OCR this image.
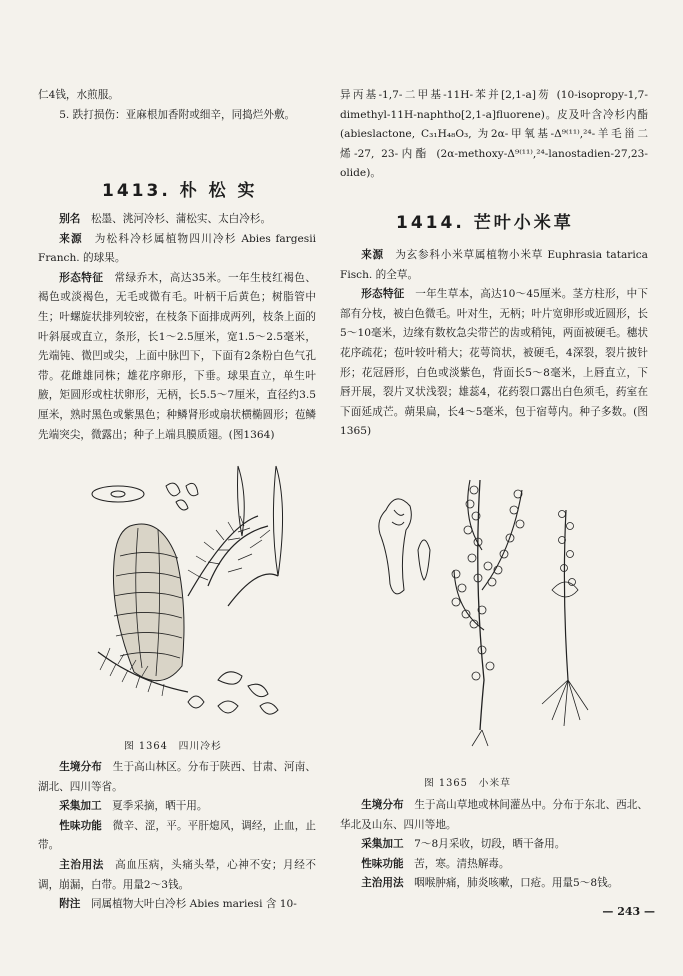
仁4钱，水煎服。

5. 跌打损伤：亚麻根加香附或细辛，同捣烂外敷。

1413. 朴 松 实

别名　 松墨、洮河冷杉、蒲松实、太白冷杉。

来源　 为松科冷杉属植物四川冷杉 Abies fargesii Franch. 的球果。

形态特征　 常绿乔木，高达35米。一年生枝红褐色、褐色或淡褐色，无毛或微有毛。叶柄干后黄色；树脂管中生；叶螺旋状排列较密，在枝条下面排成两列，枝条上面的叶斜展或直立，条形，长1～2.5厘米，宽1.5～2.5毫米，先端钝、微凹或尖，上面中脉凹下，下面有2条粉白色气孔带。花雌雄同株；雄花序卵形，下垂。球果直立，单生叶腋，矩圆形或柱状卵形，无柄，长5.5～7厘米，直径约3.5厘米，熟时黑色或紫黑色；种鳞肾形或扇状横椭圆形；苞鳞先端突尖，微露出；种子上端具膜质翅。(图1364)

图 1364　四川冷杉

生境分布　 生于高山林区。分布于陕西、甘肃、河南、湖北、四川等省。

采集加工　 夏季采摘，晒干用。

性味功能　 微辛、涩，平。平肝熄风，调经，止血，止带。

主治用法　 高血压病，头痛头晕，心神不安；月经不调，崩漏，白带。用量2～3钱。

附注　 同属植物大叶白冷杉 Abies mariesi 含 10-

异丙基-1,7-二甲基-11H-苯并[2,1-a]芴 (10-isopropy-1,7-dimethyl-11H-naphtho[2,1-a]fluorene)。皮及叶含冷杉内酯 (abieslactone, C₃₁H₄₈O₃, 为2α-甲氧基-Δ⁹⁽¹¹⁾,²⁴-羊毛甾二烯-27, 23-内酯 (2α-methoxy-Δ⁹⁽¹¹⁾,²⁴-lanostadien-27,23-olide)。

1414. 芒叶小米草

来源　 为玄参科小米草属植物小米草 Euphrasia tatarica Fisch. 的全草。

形态特征　 一年生草本，高达10～45厘米。茎方柱形，中下部有分枝，被白色微毛。叶对生，无柄；叶片宽卵形或近圆形，长5～10毫米，边缘有数枚急尖带芒的齿或稍钝，两面被硬毛。穗状花序疏花；苞叶较叶稍大；花萼筒状，被硬毛，4深裂，裂片披针形；花冠唇形，白色或淡紫色，背面长5～8毫米，上唇直立，下唇开展，裂片叉状浅裂；雄蕊4，花药裂口露出白色须毛，药室在下面延成芒。蒴果扁，长4～5毫米，包于宿萼内。种子多数。(图1365)

图 1365　小米草

生境分布　 生于高山草地或林间灌丛中。分布于东北、西北、华北及山东、四川等地。

采集加工　 7～8月采收，切段，晒干备用。

性味功能　 苦，寒。清热解毒。

主治用法　 咽喉肿痛，肺炎咳嗽，口疮。用量5～8钱。

— 243 —
